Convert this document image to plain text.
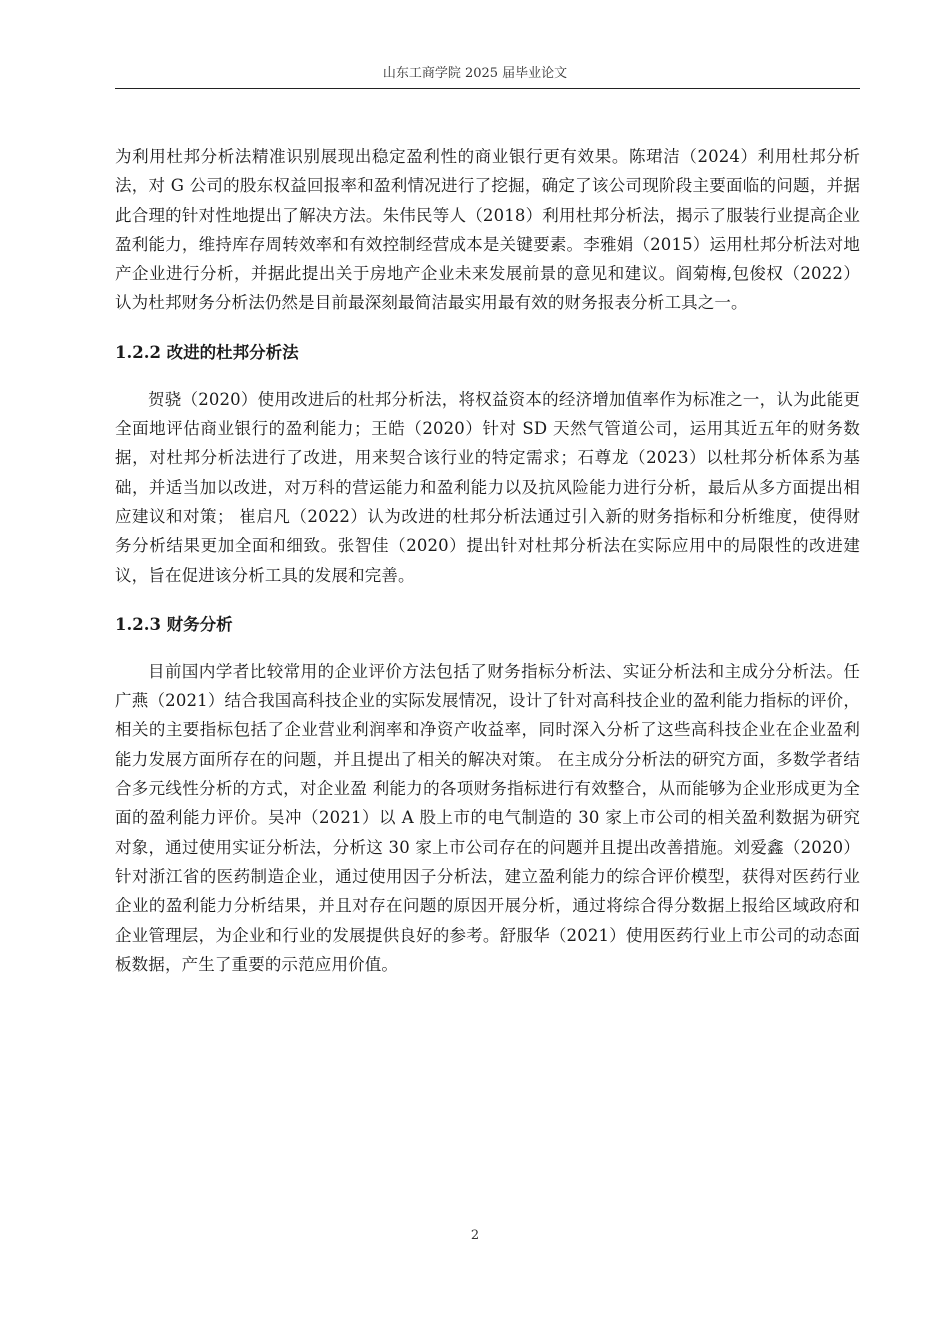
山东工商学院 2025 届毕业论文

为利用杜邦分析法精准识别展现出稳定盈利性的商业银行更有效果。陈珺洁（2024）利用杜邦分析法，对 G 公司的股东权益回报率和盈利情况进行了挖掘，确定了该公司现阶段主要面临的问题，并据此合理的针对性地提出了解决方法。朱伟民等人（2018）利用杜邦分析法，揭示了服装行业提高企业盈利能力，维持库存周转效率和有效控制经营成本是关键要素。李雅娟（2015）运用杜邦分析法对地产企业进行分析，并据此提出关于房地产企业未来发展前景的意见和建议。阎菊梅,包俊权（2022）认为杜邦财务分析法仍然是目前最深刻最简洁最实用最有效的财务报表分析工具之一。

1.2.2 改进的杜邦分析法

贺骁（2020）使用改进后的杜邦分析法，将权益资本的经济增加值率作为标准之一，认为此能更全面地评估商业银行的盈利能力；王皓（2020）针对 SD 天然气管道公司，运用其近五年的财务数据，对杜邦分析法进行了改进，用来契合该行业的特定需求；石尊龙（2023）以杜邦分析体系为基础，并适当加以改进，对万科的营运能力和盈利能力以及抗风险能力进行分析，最后从多方面提出相应建议和对策； 崔启凡（2022）认为改进的杜邦分析法通过引入新的财务指标和分析维度，使得财务分析结果更加全面和细致。张智佳（2020）提出针对杜邦分析法在实际应用中的局限性的改进建议，旨在促进该分析工具的发展和完善。

1.2.3 财务分析

目前国内学者比较常用的企业评价方法包括了财务指标分析法、实证分析法和主成分分析法。任广燕（2021）结合我国高科技企业的实际发展情况，设计了针对高科技企业的盈利能力指标的评价，相关的主要指标包括了企业营业利润率和净资产收益率，同时深入分析了这些高科技企业在企业盈利能力发展方面所存在的问题，并且提出了相关的解决对策。 在主成分分析法的研究方面，多数学者结合多元线性分析的方式，对企业盈 利能力的各项财务指标进行有效整合，从而能够为企业形成更为全面的盈利能力评价。吴冲（2021）以 A 股上市的电气制造的 30 家上市公司的相关盈利数据为研究对象，通过使用实证分析法，分析这 30 家上市公司存在的问题并且提出改善措施。刘爱鑫（2020）针对浙江省的医药制造企业，通过使用因子分析法，建立盈利能力的综合评价模型，获得对医药行业企业的盈利能力分析结果，并且对存在问题的原因开展分析，通过将综合得分数据上报给区域政府和企业管理层，为企业和行业的发展提供良好的参考。舒服华（2021）使用医药行业上市公司的动态面板数据，产生了重要的示范应用价值。

2
